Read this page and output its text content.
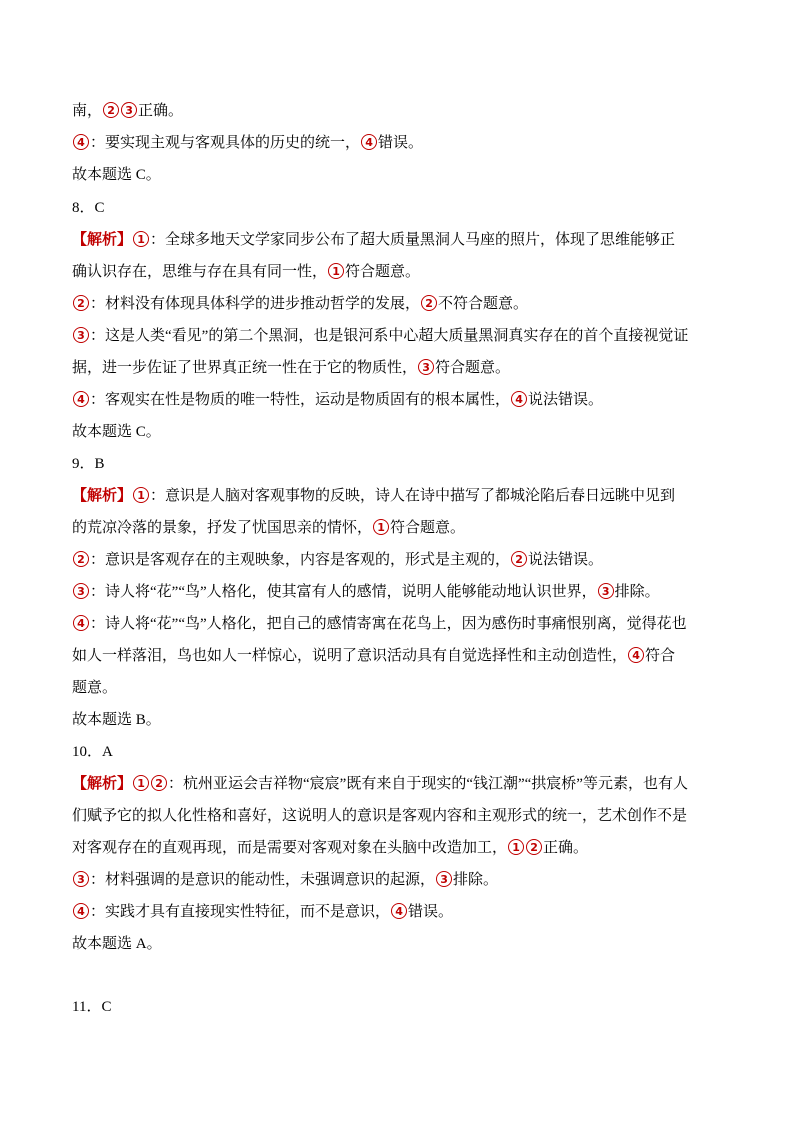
南， 2 3 正确。
4 ：要实现主观与客观具体的历史的统一， 4 错误。
故本题选 C。
8．C
【解析】 1 ：全球多地天文学家同步公布了超大质量黑洞人马座的照片，体现了思维能够正
确认识存在，思维与存在具有同一性， 1 符合题意。
2 ：材料没有体现具体科学的进步推动哲学的发展， 2 不符合题意。
3 ：这是人类“看见”的第二个黑洞，也是银河系中心超大质量黑洞真实存在的首个直接视觉证
据，进一步佐证了世界真正统一性在于它的物质性， 3 符合题意。
4 ：客观实在性是物质的唯一特性，运动是物质固有的根本属性， 4 说法错误。
故本题选 C。
9．B
【解析】 1 ：意识是人脑对客观事物的反映，诗人在诗中描写了都城沦陷后春日远眺中见到
的荒凉冷落的景象，抒发了忧国思亲的情怀， 1 符合题意。
2 ：意识是客观存在的主观映象，内容是客观的，形式是主观的， 2 说法错误。
3 ：诗人将“花”“鸟”人格化，使其富有人的感情，说明人能够能动地认识世界， 3 排除。
4 ：诗人将“花”“鸟”人格化，把自己的感情寄寓在花鸟上，因为感伤时事痛恨别离，觉得花也
如人一样落泪，鸟也如人一样惊心，说明了意识活动具有自觉选择性和主动创造性， 4 符合
题意。
故本题选 B。
10．A
【解析】 1 2 ：杭州亚运会吉祥物“宸宸”既有来自于现实的“钱江潮”“拱宸桥”等元素，也有人
们赋予它的拟人化性格和喜好，这说明人的意识是客观内容和主观形式的统一，艺术创作不是
对客观存在的直观再现，而是需要对客观对象在头脑中改造加工， 1 2 正确。
3 ：材料强调的是意识的能动性，未强调意识的起源， 3 排除。
4 ：实践才具有直接现实性特征，而不是意识， 4 错误。
故本题选 A。
11．C
